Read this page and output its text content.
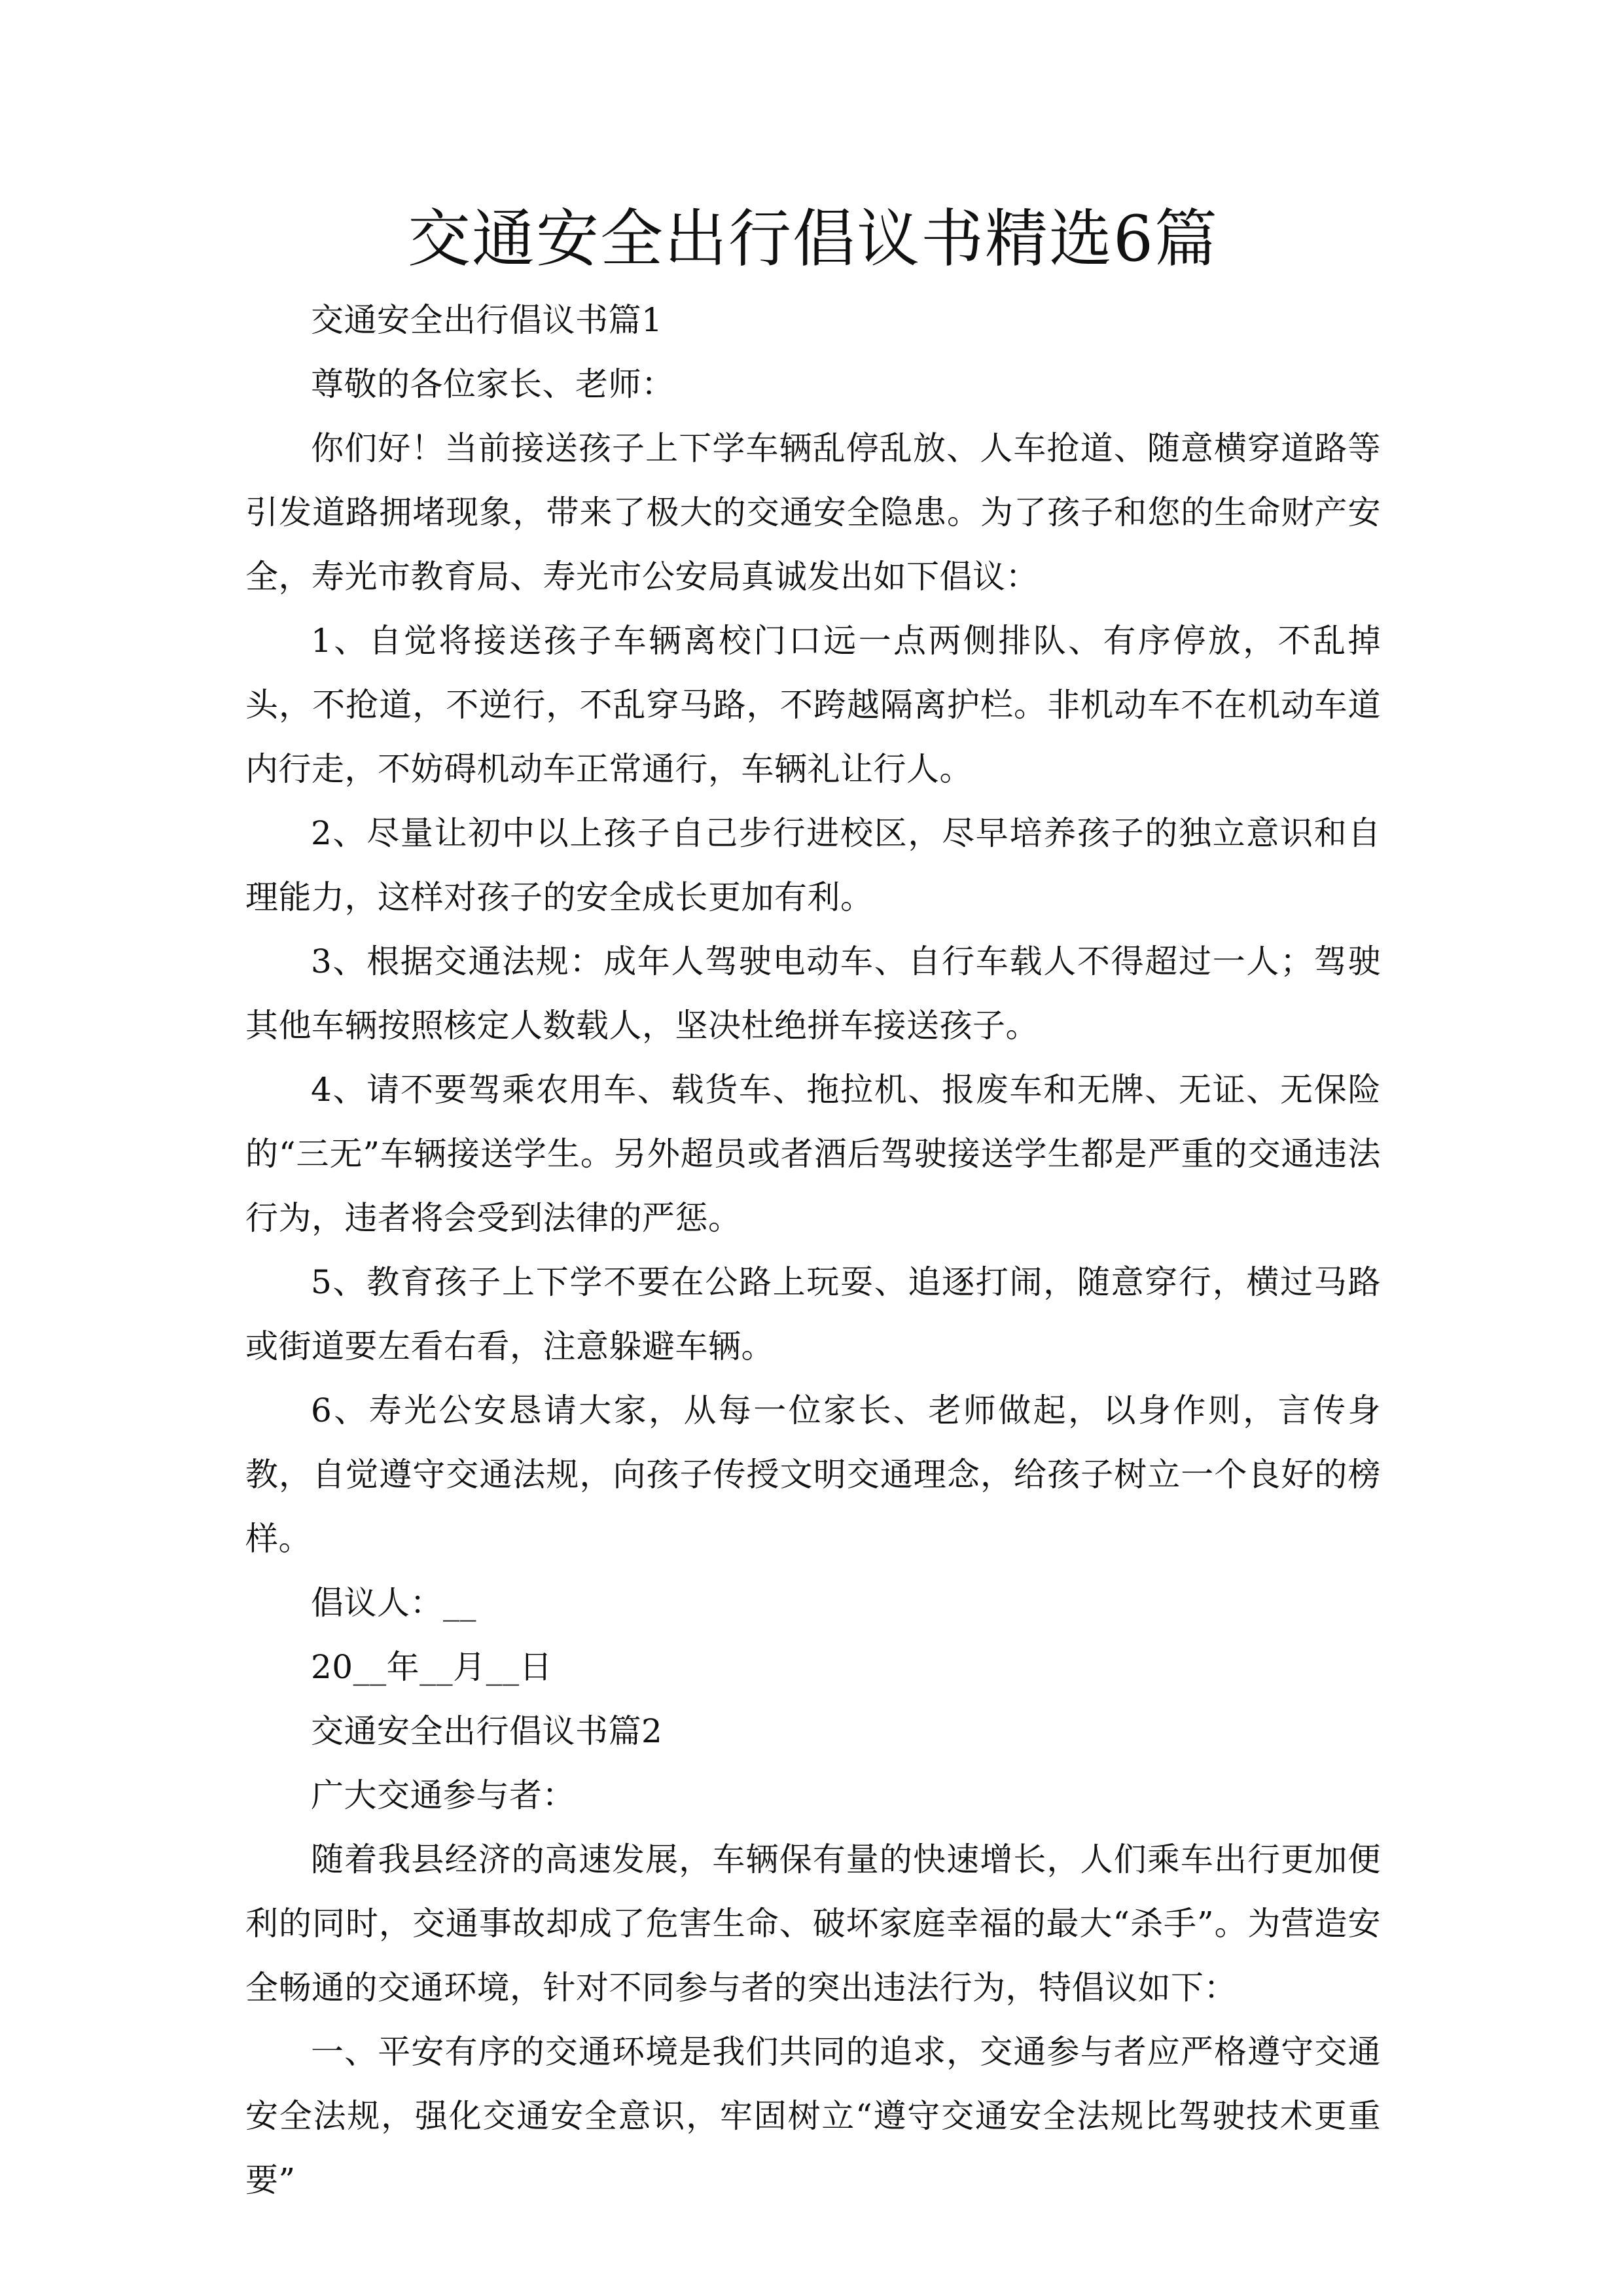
交通安全出行倡议书精选6篇

交通安全出行倡议书篇1

尊敬的各位家长、老师：

你们好！当前接送孩子上下学车辆乱停乱放、人车抢道、随意横穿道路等引发道路拥堵现象，带来了极大的交通安全隐患。为了孩子和您的生命财产安全，寿光市教育局、寿光市公安局真诚发出如下倡议：

1、自觉将接送孩子车辆离校门口远一点两侧排队、有序停放，不乱掉头，不抢道，不逆行，不乱穿马路，不跨越隔离护栏。非机动车不在机动车道内行走，不妨碍机动车正常通行，车辆礼让行人。

2、尽量让初中以上孩子自己步行进校区，尽早培养孩子的独立意识和自理能力，这样对孩子的安全成长更加有利。

3、根据交通法规：成年人驾驶电动车、自行车载人不得超过一人；驾驶其他车辆按照核定人数载人，坚决杜绝拼车接送孩子。

4、请不要驾乘农用车、载货车、拖拉机、报废车和无牌、无证、无保险的“三无”车辆接送学生。另外超员或者酒后驾驶接送学生都是严重的交通违法行为，违者将会受到法律的严惩。

5、教育孩子上下学不要在公路上玩耍、追逐打闹，随意穿行，横过马路或街道要左看右看，注意躲避车辆。

6、寿光公安恳请大家，从每一位家长、老师做起，以身作则，言传身教，自觉遵守交通法规，向孩子传授文明交通理念，给孩子树立一个良好的榜样。

倡议人：__

20__年__月__日

交通安全出行倡议书篇2

广大交通参与者：

随着我县经济的高速发展，车辆保有量的快速增长，人们乘车出行更加便利的同时，交通事故却成了危害生命、破坏家庭幸福的最大“杀手”。为营造安全畅通的交通环境，针对不同参与者的突出违法行为，特倡议如下：

一、平安有序的交通环境是我们共同的追求，交通参与者应严格遵守交通安全法规，强化交通安全意识，牢固树立“遵守交通安全法规比驾驶技术更重要”
